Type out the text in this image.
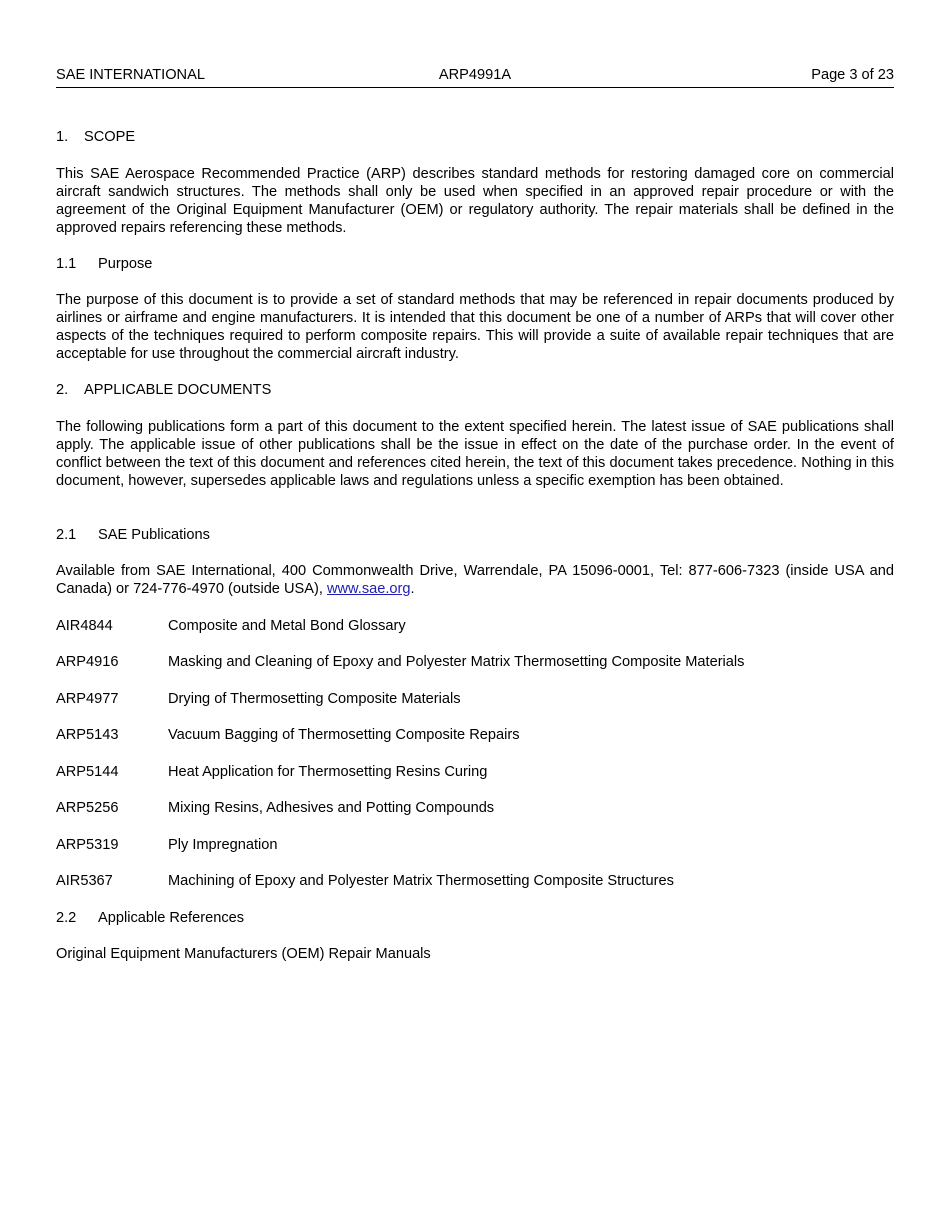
SAE INTERNATIONAL	ARP4991A	Page 3 of 23
1. SCOPE
This SAE Aerospace Recommended Practice (ARP) describes standard methods for restoring damaged core on commercial aircraft sandwich structures. The methods shall only be used when specified in an approved repair procedure or with the agreement of the Original Equipment Manufacturer (OEM) or regulatory authority. The repair materials shall be defined in the approved repairs referencing these methods.
1.1 Purpose
The purpose of this document is to provide a set of standard methods that may be referenced in repair documents produced by airlines or airframe and engine manufacturers. It is intended that this document be one of a number of ARPs that will cover other aspects of the techniques required to perform composite repairs. This will provide a suite of available repair techniques that are acceptable for use throughout the commercial aircraft industry.
2. APPLICABLE DOCUMENTS
The following publications form a part of this document to the extent specified herein. The latest issue of SAE publications shall apply. The applicable issue of other publications shall be the issue in effect on the date of the purchase order. In the event of conflict between the text of this document and references cited herein, the text of this document takes precedence. Nothing in this document, however, supersedes applicable laws and regulations unless a specific exemption has been obtained.
2.1 SAE Publications
Available from SAE International, 400 Commonwealth Drive, Warrendale, PA 15096-0001, Tel: 877-606-7323 (inside USA and Canada) or 724-776-4970 (outside USA), www.sae.org.
AIR4844	Composite and Metal Bond Glossary
ARP4916	Masking and Cleaning of Epoxy and Polyester Matrix Thermosetting Composite Materials
ARP4977	Drying of Thermosetting Composite Materials
ARP5143	Vacuum Bagging of Thermosetting Composite Repairs
ARP5144	Heat Application for Thermosetting Resins Curing
ARP5256	Mixing Resins, Adhesives and Potting Compounds
ARP5319	Ply Impregnation
AIR5367	Machining of Epoxy and Polyester Matrix Thermosetting Composite Structures
2.2 Applicable References
Original Equipment Manufacturers (OEM) Repair Manuals
